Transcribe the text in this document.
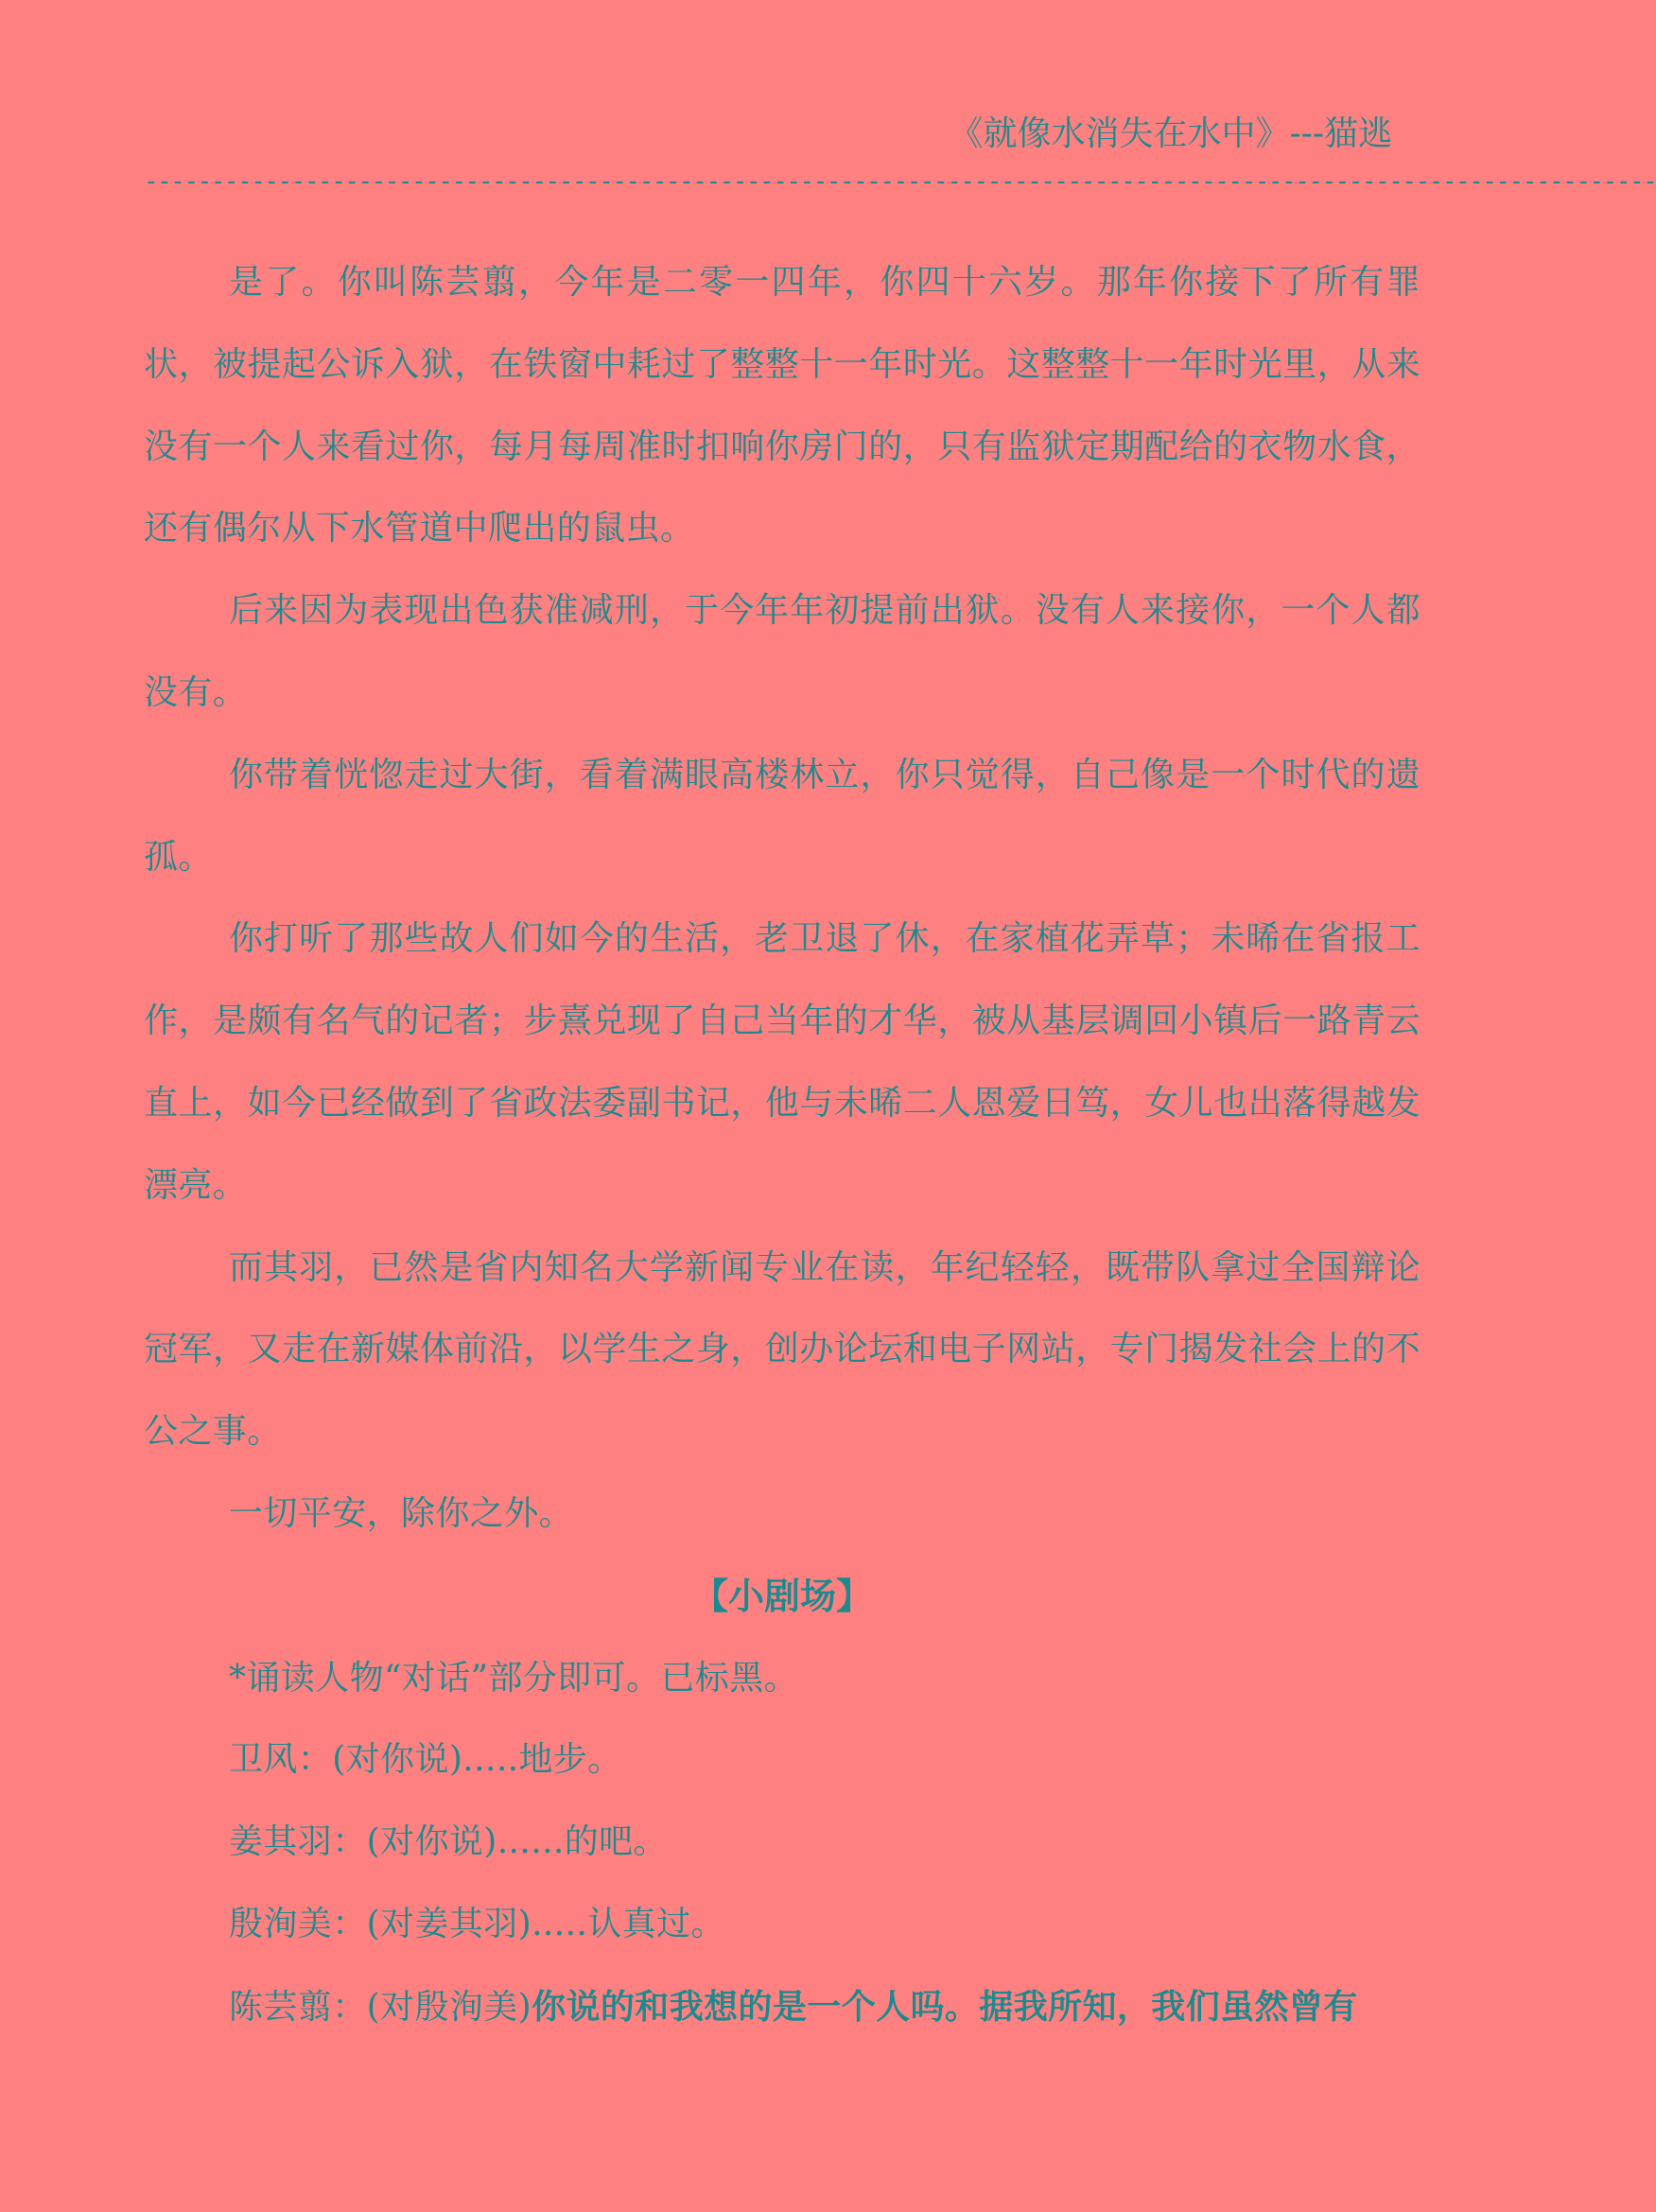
《就像水消失在水中》---猫逃
-----------------------------------------------------------------------------------------------------------------

是了。你叫陈芸翦，今年是二零一四年，你四十六岁。那年你接下了所有罪状，被提起公诉入狱，在铁窗中耗过了整整十一年时光。这整整十一年时光里，从来没有一个人来看过你，每月每周准时扣响你房门的，只有监狱定期配给的衣物水食，还有偶尔从下水管道中爬出的鼠虫。

后来因为表现出色获准减刑，于今年年初提前出狱。没有人来接你，一个人都没有。

你带着恍惚走过大街，看着满眼高楼林立，你只觉得，自己像是一个时代的遗孤。

你打听了那些故人们如今的生活，老卫退了休，在家植花弄草；未晞在省报工作，是颇有名气的记者；步熹兑现了自己当年的才华，被从基层调回小镇后一路青云直上，如今已经做到了省政法委副书记，他与未晞二人恩爱日笃，女儿也出落得越发漂亮。

而其羽，已然是省内知名大学新闻专业在读，年纪轻轻，既带队拿过全国辩论冠军，又走在新媒体前沿，以学生之身，创办论坛和电子网站，专门揭发社会上的不公之事。

一切平安，除你之外。

【小剧场】

*诵读人物“对话”部分即可。已标黑。

卫风：(对你说).....地步。

姜其羽：(对你说)......的吧。

殷洵美：(对姜其羽).....认真过。

陈芸翦：(对殷洵美)你说的和我想的是一个人吗。据我所知，我们虽然曾有
